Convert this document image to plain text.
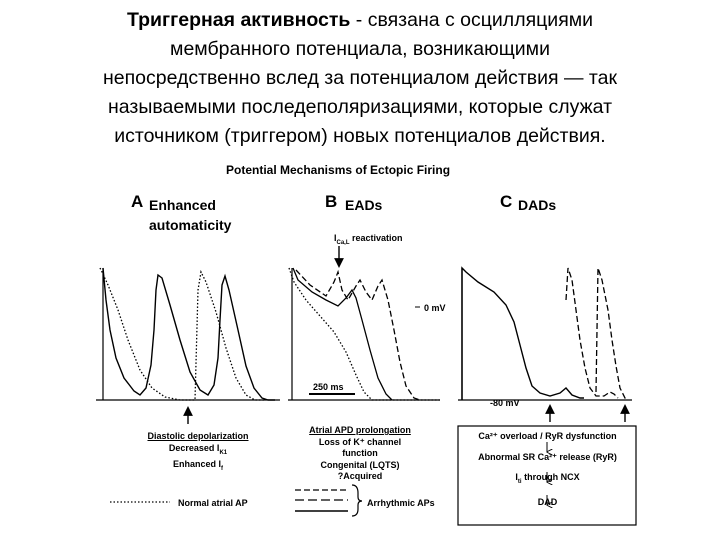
Триггерная активность - связана с осцилляциями
мембранного потенциала, возникающими
непосредственно вслед за потенциалом действия — так
называемыми последеполяризациями, которые служат
источником (триггером) новых потенциалов действия.
Potential Mechanisms of Ectopic Firing
A Enhanced
automaticity
B EADs	C DADs
$I_{Ca,L}$ reactivation
0 mV
250 ms
-80 mV
Diastolic depolarization
Decreased $I_{K1}$
Enhanced $I_f$
Atrial APD prolongation
Loss of K⁺ channel function
Congenital (LQTS)
?Acquired
Ca²⁺ overload / RyR dysfunction
Abnormal SR Ca²⁺ release (RyR)
$I_{ti}$ through NCX
DAD
Normal atrial AP	Arrhythmic APs
